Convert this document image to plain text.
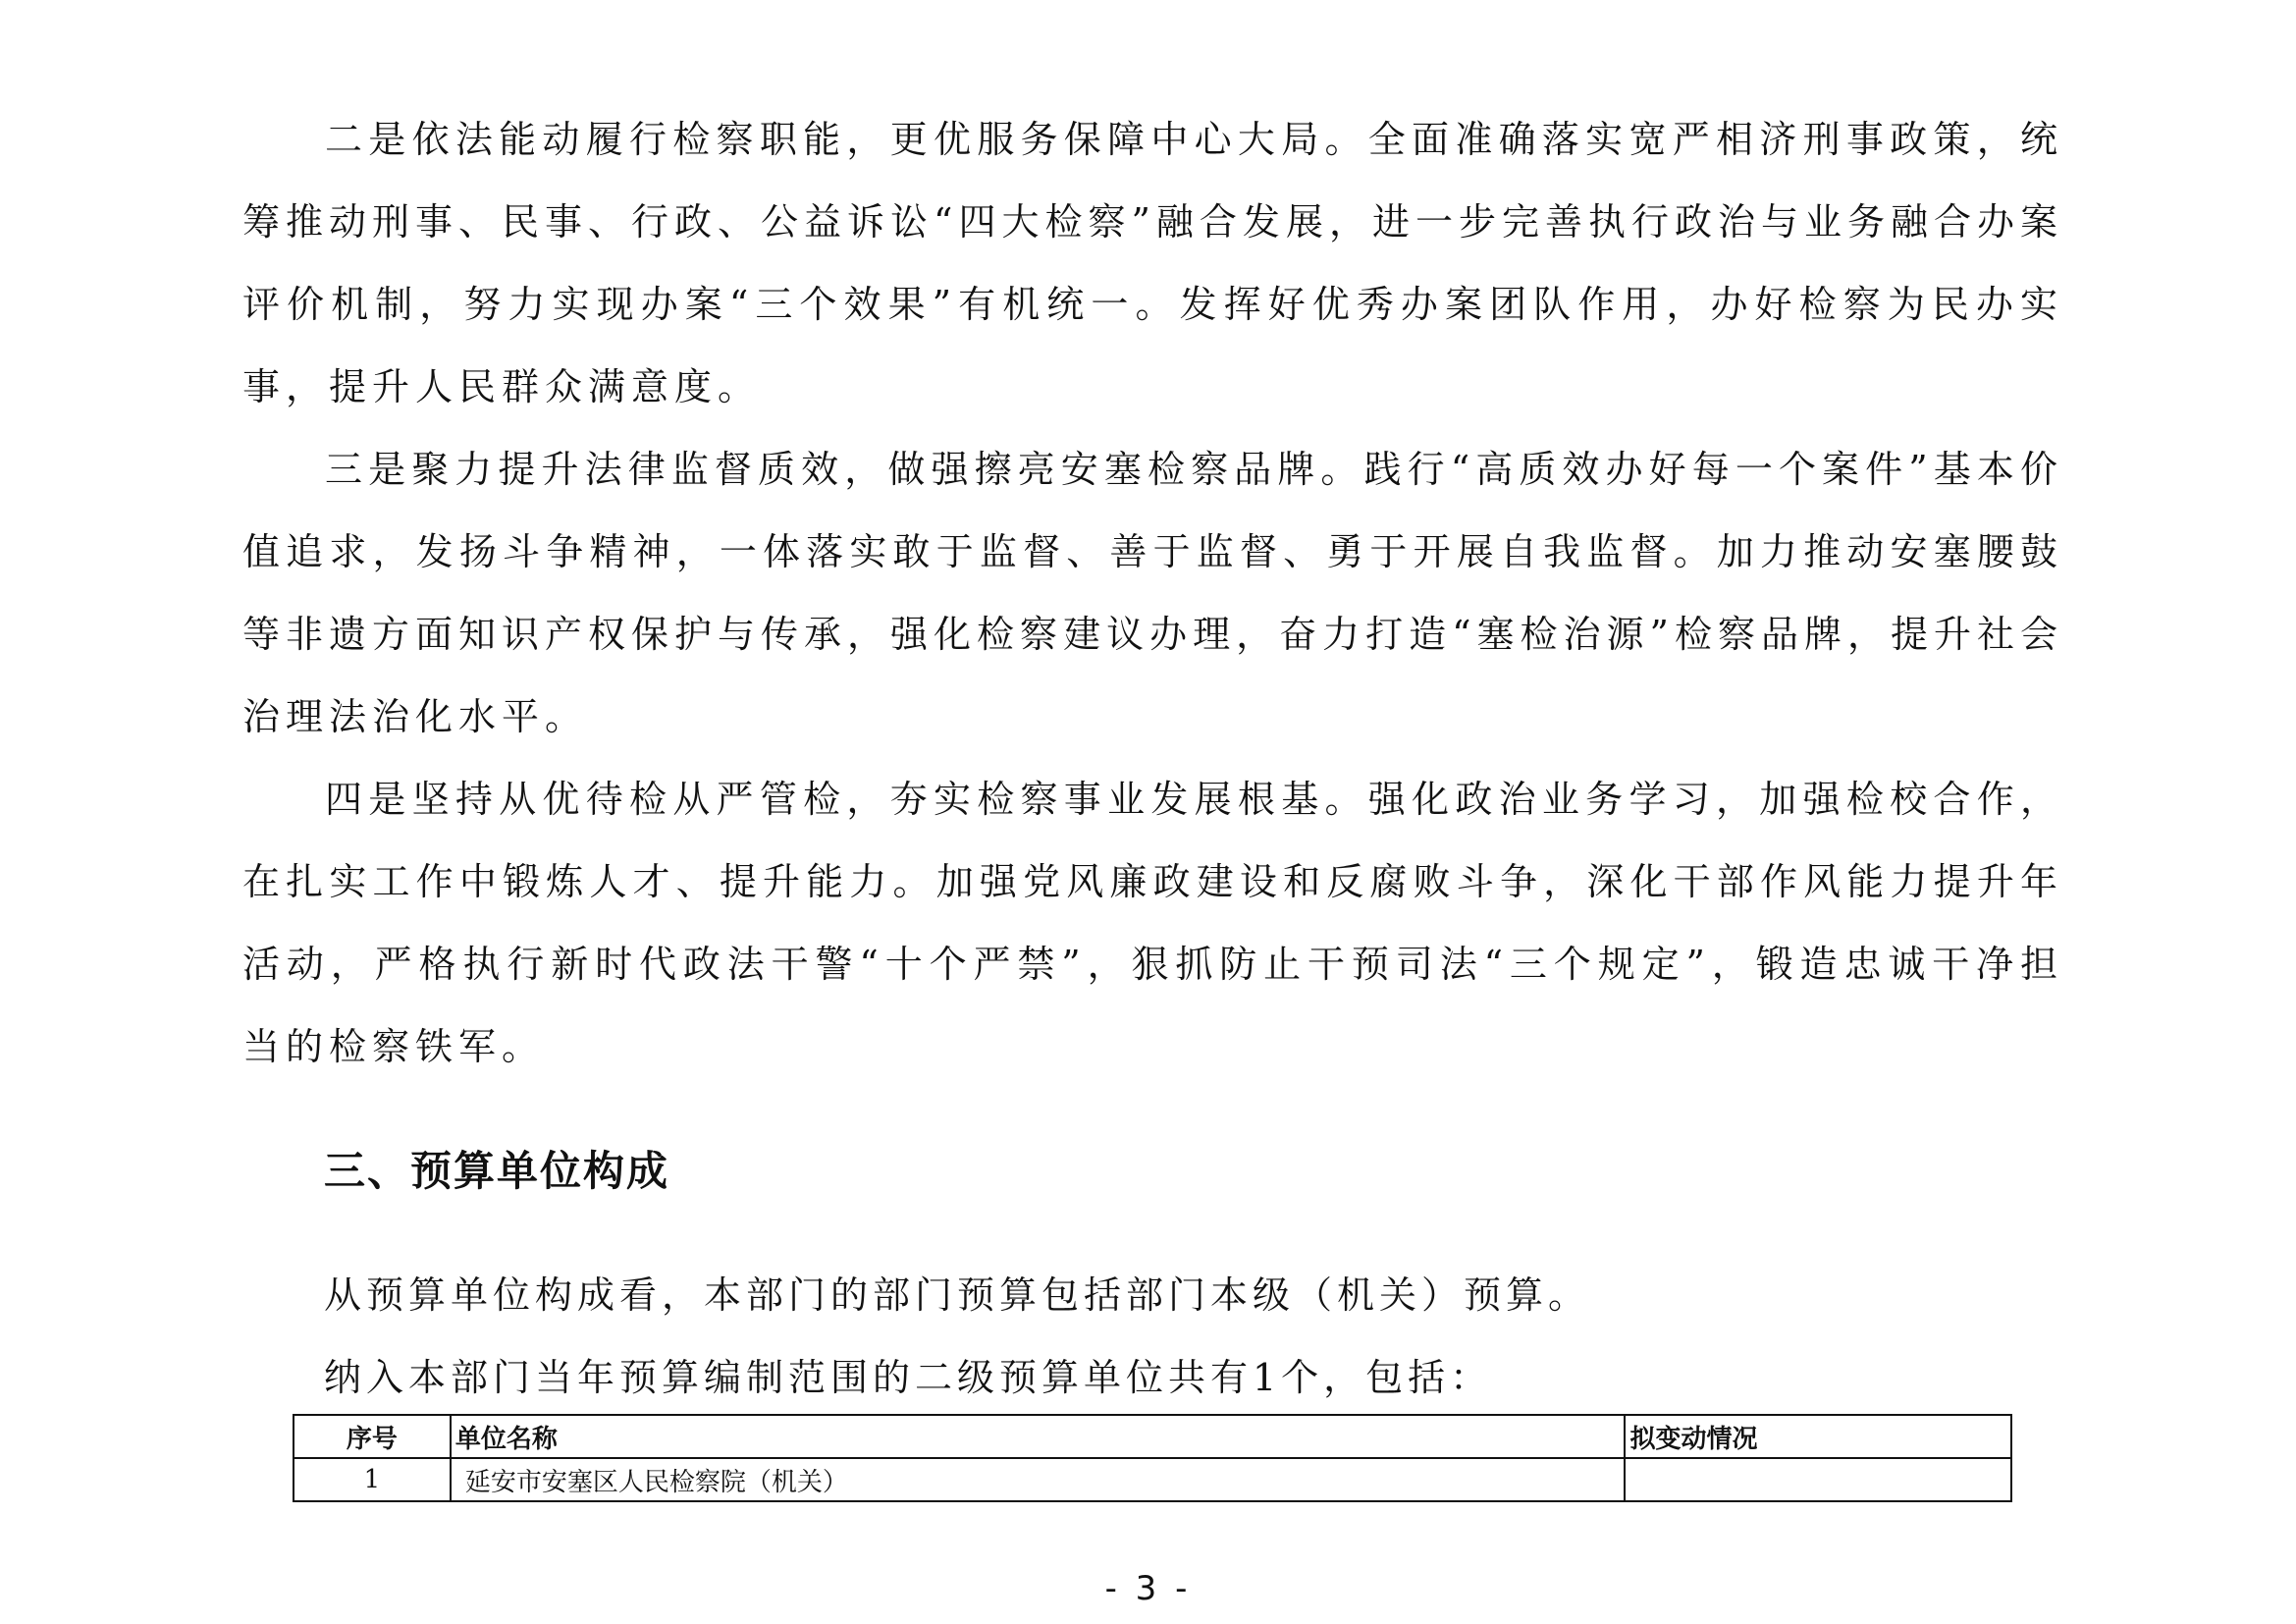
二是依法能动履行检察职能，更优服务保障中心大局。全面准确落实宽严相济刑事政策，统筹推动刑事、民事、行政、公益诉讼“四大检察”融合发展，进一步完善执行政治与业务融合办案评价机制，努力实现办案“三个效果”有机统一。发挥好优秀办案团队作用，办好检察为民办实事，提升人民群众满意度。

三是聚力提升法律监督质效，做强擦亮安塞检察品牌。践行“高质效办好每一个案件”基本价值追求，发扬斗争精神，一体落实敢于监督、善于监督、勇于开展自我监督。加力推动安塞腰鼓等非遗方面知识产权保护与传承，强化检察建议办理，奋力打造“塞检治源”检察品牌，提升社会治理法治化水平。

四是坚持从优待检从严管检，夯实检察事业发展根基。强化政治业务学习，加强检校合作，在扎实工作中锻炼人才、提升能力。加强党风廉政建设和反腐败斗争，深化干部作风能力提升年活动，严格执行新时代政法干警“十个严禁”，狠抓防止干预司法“三个规定”，锻造忠诚干净担当的检察铁军。

三、预算单位构成

从预算单位构成看，本部门的部门预算包括部门本级（机关）预算。

纳入本部门当年预算编制范围的二级预算单位共有1个，包括：

序号	单位名称	拟变动情况
1	延安市安塞区人民检察院（机关）	
- 3 -
